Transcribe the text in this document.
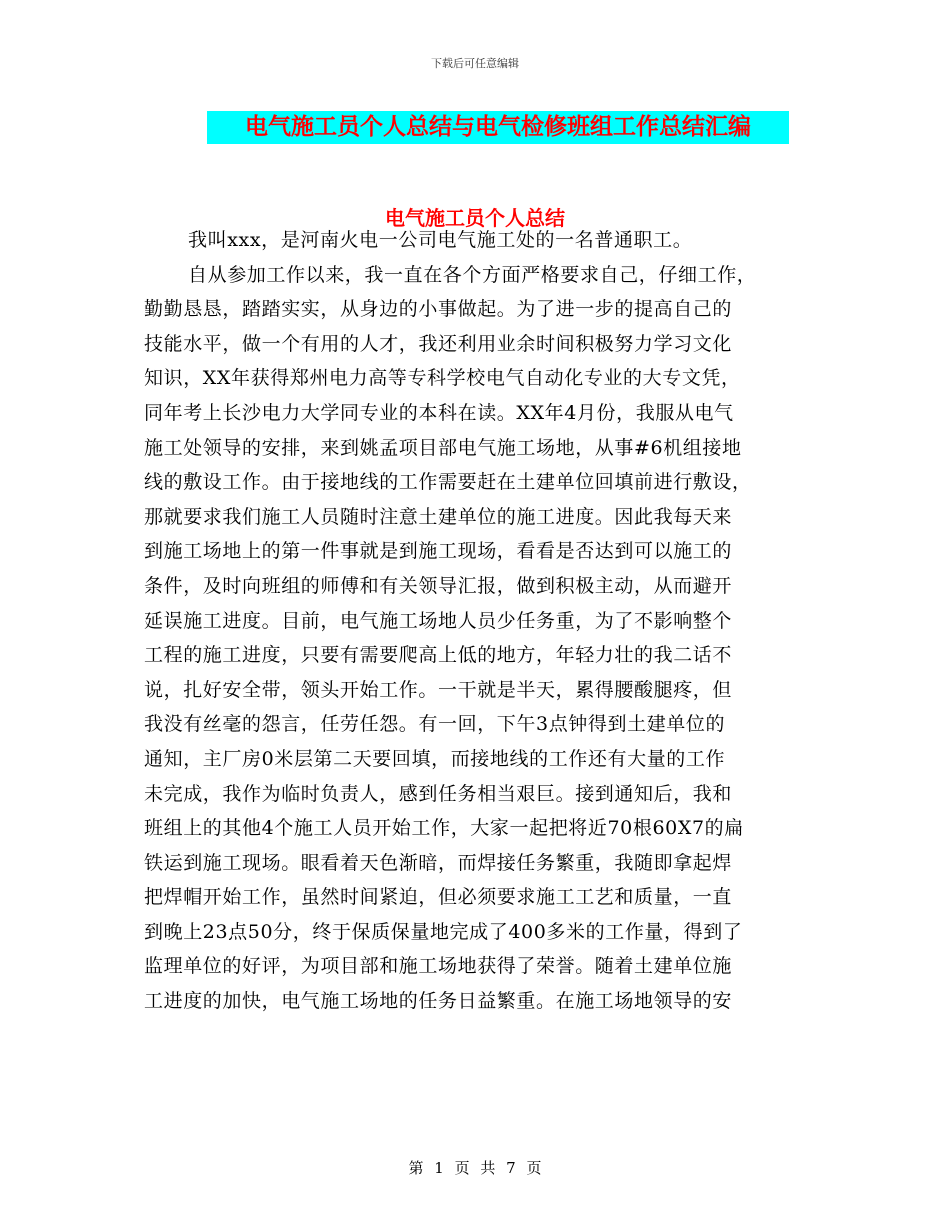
下载后可任意编辑
电气施工员个人总结与电气检修班组工作总结汇编
电气施工员个人总结
我叫xxx，是河南火电一公司电气施工处的一名普通职工。
自从参加工作以来，我一直在各个方面严格要求自己，仔细工作，
勤勤恳恳，踏踏实实，从身边的小事做起。为了进一步的提高自己的
技能水平，做一个有用的人才，我还利用业余时间积极努力学习文化
知识，XX年获得郑州电力高等专科学校电气自动化专业的大专文凭，
同年考上长沙电力大学同专业的本科在读。XX年4月份，我服从电气
施工处领导的安排，来到姚孟项目部电气施工场地，从事#6机组接地
线的敷设工作。由于接地线的工作需要赶在土建单位回填前进行敷设，
那就要求我们施工人员随时注意土建单位的施工进度。因此我每天来
到施工场地上的第一件事就是到施工现场，看看是否达到可以施工的
条件，及时向班组的师傅和有关领导汇报，做到积极主动，从而避开
延误施工进度。目前，电气施工场地人员少任务重，为了不影响整个
工程的施工进度，只要有需要爬高上低的地方，年轻力壮的我二话不
说，扎好安全带，领头开始工作。一干就是半天，累得腰酸腿疼，但
我没有丝毫的怨言，任劳任怨。有一回，下午3点钟得到土建单位的
通知，主厂房0米层第二天要回填，而接地线的工作还有大量的工作
未完成，我作为临时负责人，感到任务相当艰巨。接到通知后，我和
班组上的其他4个施工人员开始工作，大家一起把将近70根60X7的扁
铁运到施工现场。眼看着天色渐暗，而焊接任务繁重，我随即拿起焊
把焊帽开始工作，虽然时间紧迫，但必须要求施工工艺和质量，一直
到晚上23点50分，终于保质保量地完成了400多米的工作量，得到了
监理单位的好评，为项目部和施工场地获得了荣誉。随着土建单位施
工进度的加快，电气施工场地的任务日益繁重。在施工场地领导的安
第 1 页 共 7 页
